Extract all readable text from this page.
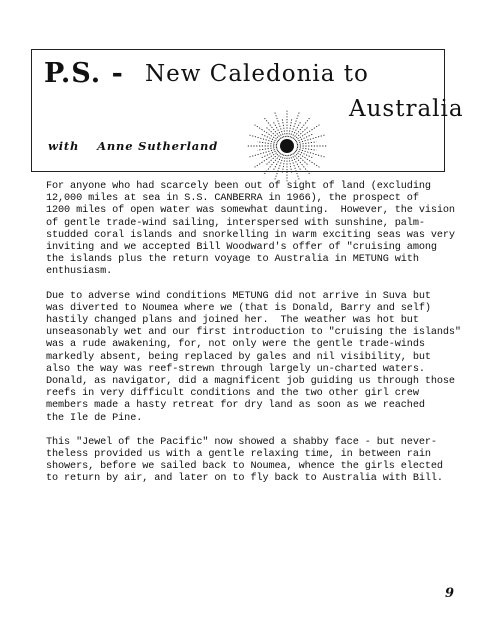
P.S. - New Caledonia to
Australia
with Anne Sutherland

For anyone who had scarcely been out of sight of land (excluding
12,000 miles at sea in S.S. CANBERRA in 1966), the prospect of
1200 miles of open water was somewhat daunting.  However, the vision
of gentle trade-wind sailing, interspersed with sunshine, palm-
studded coral islands and snorkelling in warm exciting seas was very
inviting and we accepted Bill Woodward's offer of "cruising among
the islands plus the return voyage to Australia in METUNG with
enthusiasm.

Due to adverse wind conditions METUNG did not arrive in Suva but
was diverted to Noumea where we (that is Donald, Barry and self)
hastily changed plans and joined her.  The weather was hot but
unseasonably wet and our first introduction to "cruising the islands"
was a rude awakening, for, not only were the gentle trade-winds
markedly absent, being replaced by gales and nil visibility, but
also the way was reef-strewn through largely un-charted waters.
Donald, as navigator, did a magnificent job guiding us through those
reefs in very difficult conditions and the two other girl crew
members made a hasty retreat for dry land as soon as we reached
the Ile de Pine.

This "Jewel of the Pacific" now showed a shabby face - but never-
theless provided us with a gentle relaxing time, in between rain
showers, before we sailed back to Noumea, whence the girls elected
to return by air, and later on to fly back to Australia with Bill.

9
